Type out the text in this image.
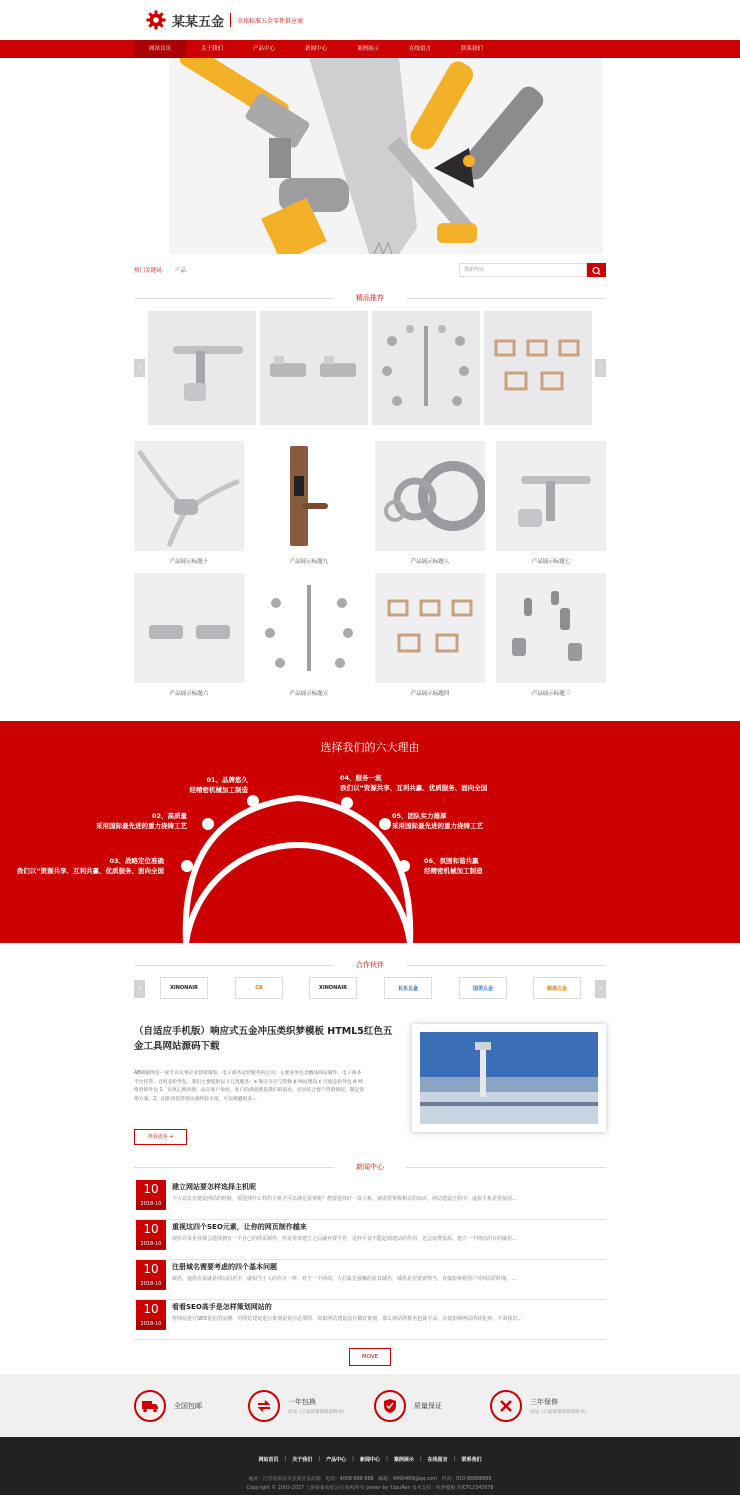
某某五金 全球标准五金零件供应商
网站首页	关于我们	产品中心	新闻中心	案例展示	在线留言	联系我们
热门关键词： 产品	搜索内容
精品推荐
‹	›
产品展示标题十	产品展示标题九	产品展示标题八	产品展示标题七
产品展示标题六	产品展示标题五	产品展示标题四	产品展示标题三
选择我们的六大理由
01、品牌悠久
经精密机械加工制造
02、高质量
采用国际最先进的重力浇铸工艺
03、战略定位准确
我们以“资源共享、互利共赢、优质服务、面向全国
04、服务一流
我们以“资源共享、互利共赢、优质服务、面向全国
05、团队实力雄厚
采用国际最先进的重力浇铸工艺
06、氛围和谐共赢
经精密机械加工制造
合作伙伴
‹	›
XINONAIR	CX	XINONAIR	长乐五金	国美五金	顺通五金
（自适应手机版）响应式五金冲压类织梦模板 HTML5红色五金工具网站源码下载
AB模板网是一家专业从事企业营销策划、电子商务运营服务的公司，主要业务包含精品网站制作、电子商务平台托管、百度竞价外包、我们主要提供以下几类服务：a 淘宝开店与装修 b 网站建设 c 百度竞价外包 d 网络营销外包 1、以真心换真情，站在客户角度，客户的满意就是我们的追求，切实结合客户营销情况，制定营销方案。2、团队用信营销实战经验丰富，可以规避很多...
查看更多 +
新闻中心
10
2018-10
建立网站要怎样选择主机呢
个人站长在建设网站的时候，要选择什么样的主机才可以满足需要呢？想要选择好一款主机，就需要掌握相关的知识。网站建设过程中，虚拟主机是常使用...
10
2018-10
重视这四个SEO元素，让你的网页制作越来
现在许多企业都会选择拥有一个自己的网页制作，但是常常建立之后就弃置不管，这样不仅不能起到建站的作用，还会浪费资源。建立一个网站的目的就在...
10
2018-10
注册域名需要考虑的四个基本问题
域名，通俗点说就是网站的名字，就相当于人的名字一样。对于一个网站，人们最先接触的是其域名，域名是否设置得当，直接影响着用户对网站的印象，...
10
2018-10
看看SEO高手是怎样策划网站的
对网站进行SEO优化的前期，对网站建设进行策划是很有必要的。如果网站建设没有做好策划，那么网站的排名也就不高，直接影响网站的转化率。下面我们...
MOVE
全国包邮	一年包换
详见《产品促销说明说明书》
质量保证	三年保修
详见《产品促销说明说明书》
网站首页	|	关于我们	|	产品中心	|	新闻中心	|	案例展示	|	在线留言	|	联系我们
地址：江苏省南京市玄武区玄武湖　电话：4008-888-888　邮箱：9490489@qq.com　传真：010-88888888
Copyright © 2002-2017 上海某某商贸公司 版权所有 power by YzpuRen 技术支持：织梦模板 苏ICP12345678
